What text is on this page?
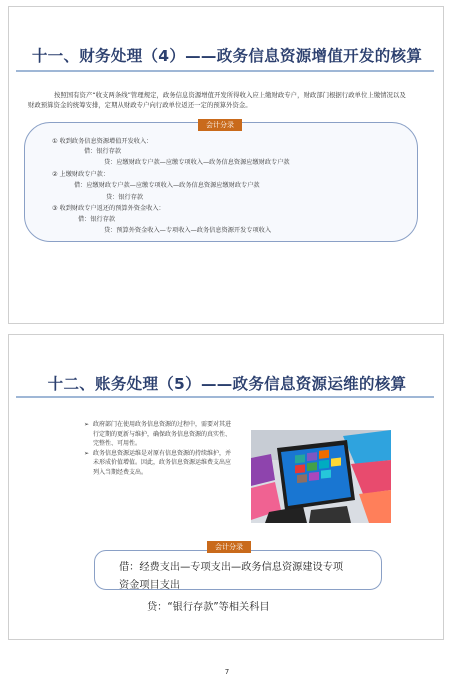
十一、财务处理（4）——政务信息资源增值开发的核算
按照国有资产“收支两条线”管理规定，政务信息资源增值开发所得收入应上缴财政专户，财政部门根据行政单位上缴情况以及财政预算资金的统筹安排，定期从财政专户向行政单位返还一定的预算外资金。
会计分录
① 收到政务信息资源增值开发收入：
借：银行存款
贷：应缴财政专户款—应缴专项收入—政务信息资源应缴财政专户款
② 上缴财政专户款：
借：应缴财政专户款—应缴专项收入—政务信息资源应缴财政专户款
贷：银行存款
③ 收到财政专户返还的预算外资金收入：
借：银行存款
贷：预算外资金收入—专项收入—政务信息资源开发专项收入
十二、账务处理（5）——政务信息资源运维的核算
➢ 政府部门在使用政务信息资源的过程中，需要对其进行定期的更新与维护，确保政务信息资源的真实性、完整性、可用性。
➢ 政务信息资源运维是对原有信息资源的持续维护，并未形成价值增值。因此，政务信息资源运维费支出应列入当期经费支出。
会计分录
借：经费支出—专项支出—政务信息资源建设专项
资金项目支出
贷：“银行存款”等相关科目
7
